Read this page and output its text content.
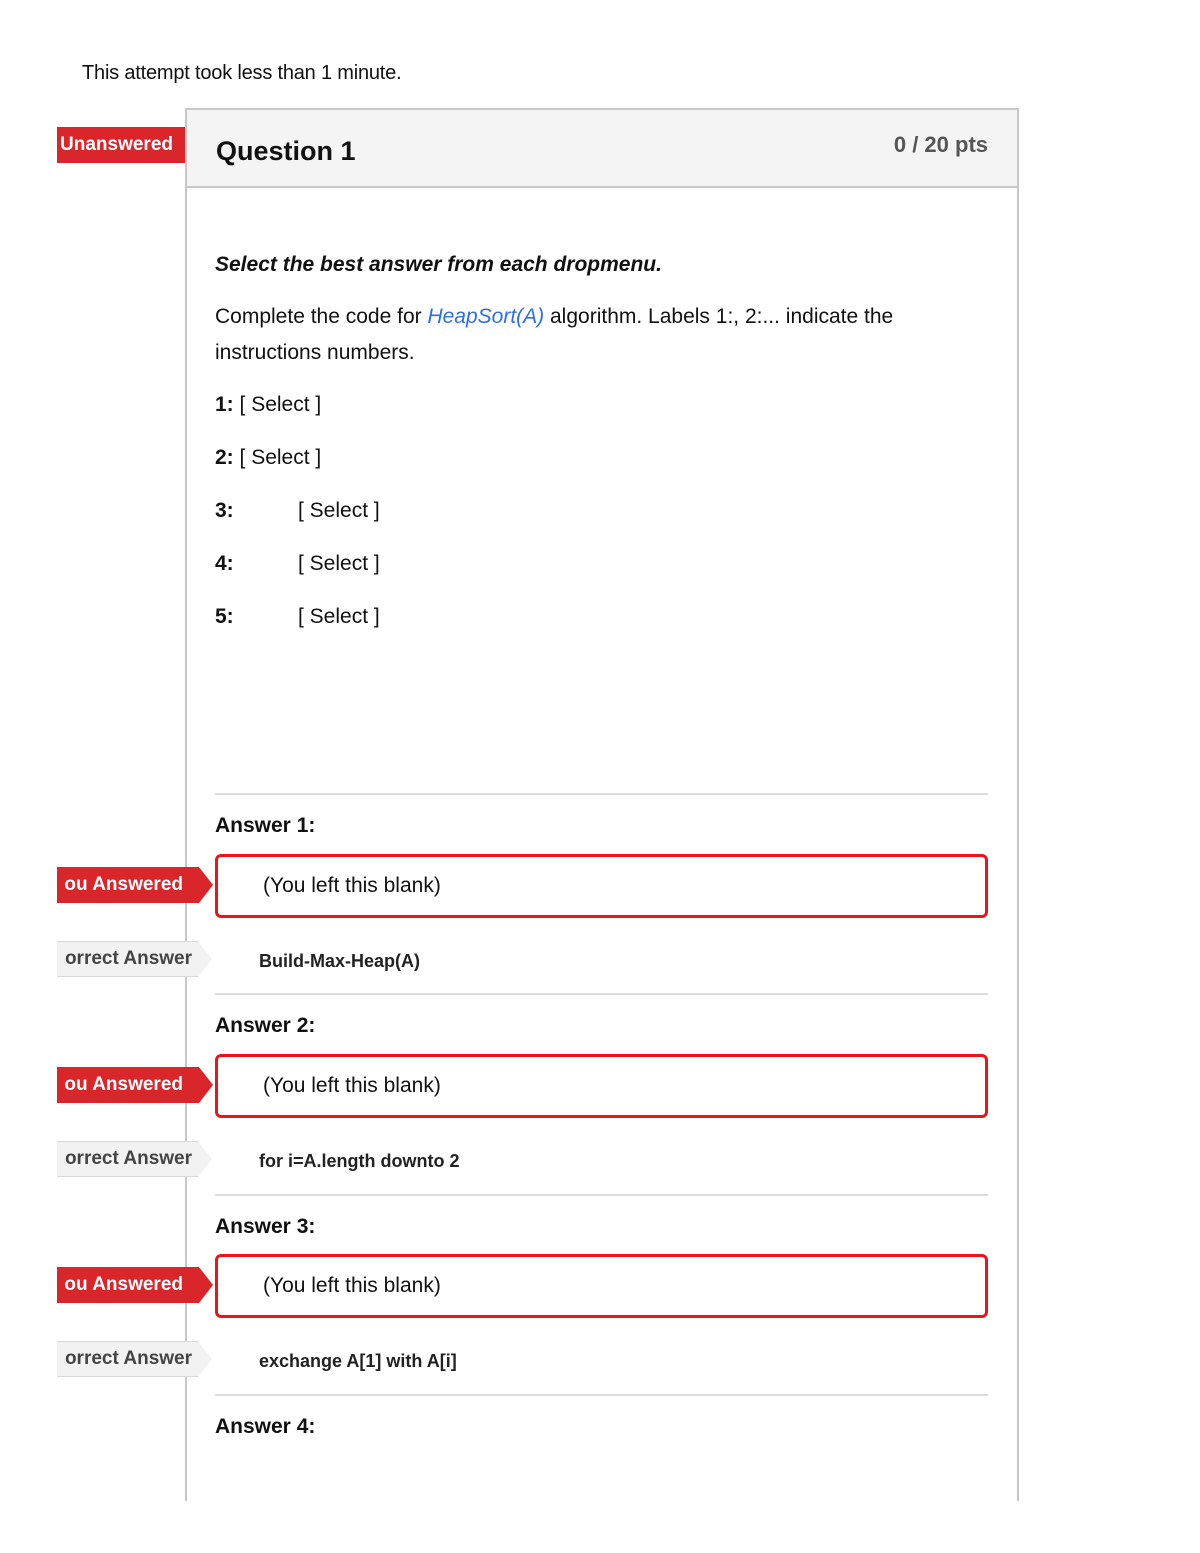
This attempt took less than 1 minute.
Unanswered	Question 1	0 / 20 pts
Select the best answer from each dropmenu.
Complete the code for HeapSort(A) algorithm. Labels 1:, 2:... indicate the
instructions numbers.
1: [ Select ]
2: [ Select ]
3:	[ Select ]
4:	[ Select ]
5:	[ Select ]
Answer 1:
ou Answered	(You left this blank)
orrect Answer	Build-Max-Heap(A)
Answer 2:
ou Answered	(You left this blank)
orrect Answer	for i=A.length downto 2
Answer 3:
ou Answered	(You left this blank)
orrect Answer	exchange A[1] with A[i]
Answer 4:
